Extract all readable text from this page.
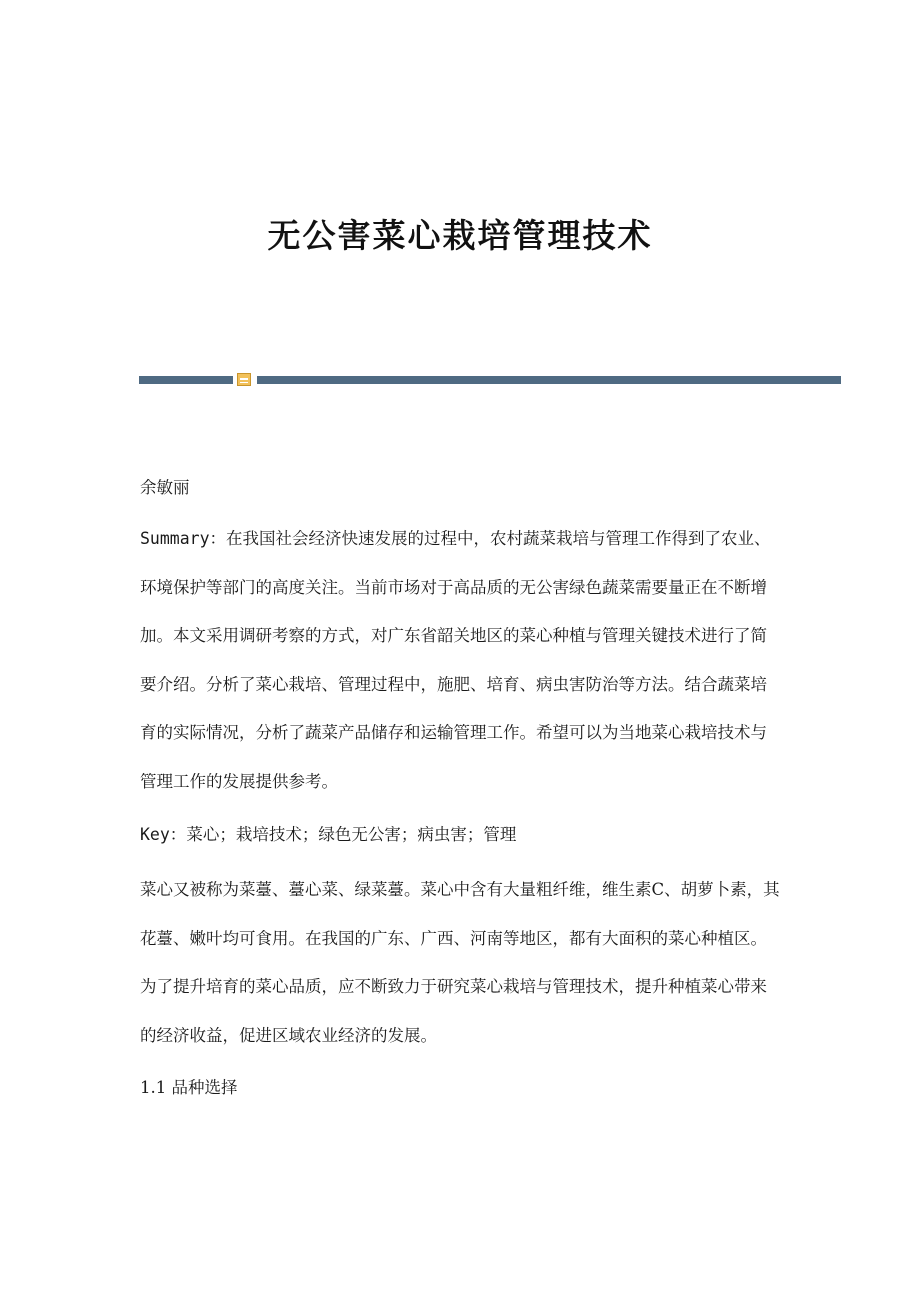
无公害菜心栽培管理技术
余敏丽

Summary：在我国社会经济快速发展的过程中，农村蔬菜栽培与管理工作得到了农业、环境保护等部门的高度关注。当前市场对于高品质的无公害绿色蔬菜需要量正在不断增加。本文采用调研考察的方式，对广东省韶关地区的菜心种植与管理关键技术进行了简要介绍。分析了菜心栽培、管理过程中，施肥、培育、病虫害防治等方法。结合蔬菜培育的实际情况，分析了蔬菜产品储存和运输管理工作。希望可以为当地菜心栽培技术与管理工作的发展提供参考。

Key：菜心；栽培技术；绿色无公害；病虫害；管理

菜心又被称为菜薹、薹心菜、绿菜薹。菜心中含有大量粗纤维，维生素C、胡萝卜素，其花薹、嫩叶均可食用。在我国的广东、广西、河南等地区，都有大面积的菜心种植区。为了提升培育的菜心品质，应不断致力于研究菜心栽培与管理技术，提升种植菜心带来的经济收益，促进区域农业经济的发展。

1.1 品种选择
